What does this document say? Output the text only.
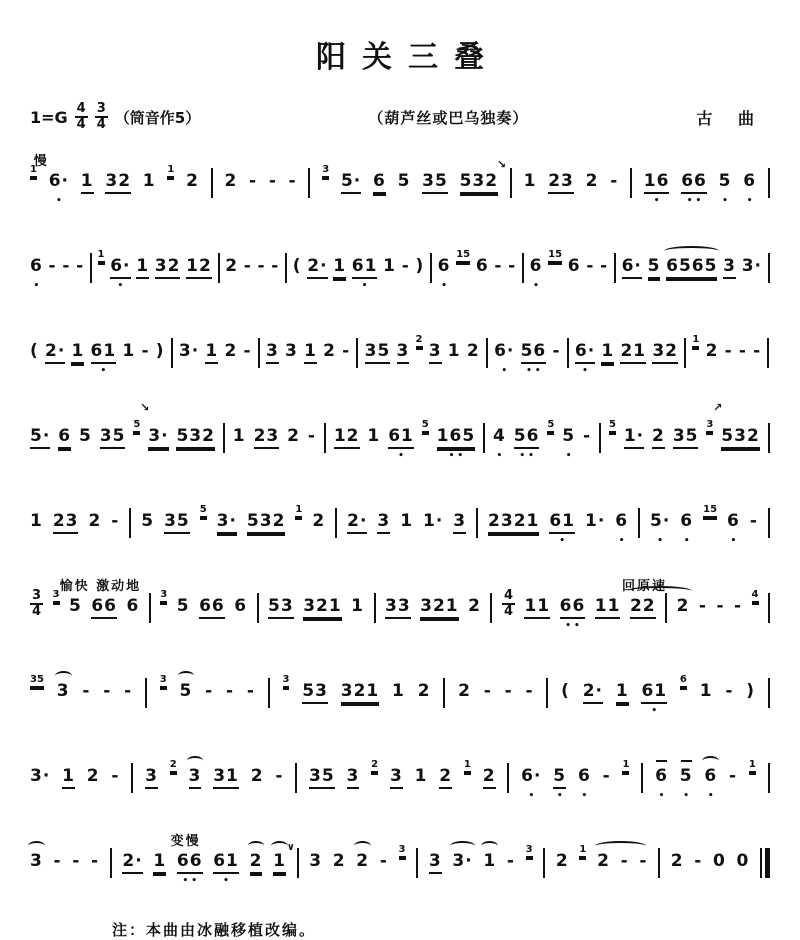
阳关三叠
$1=G \frac{4}{4} \frac{3}{4}$ （筒音作5）	（葫芦丝或巴乌独奏）	古 曲
慢
1
6·
•
1 32 1
1
2 2 - - -
3
5· 6 5 35 532
↘
1 23 2 - 16
•
66
••
5
•
6
•
6
•
- - -
1
6·
•
1 32 12 2 - - - ( 2· 1 61
•
1 - ) 6
•
15
6 - - 6
•
15
6 - - 6· 5 6565 3 3·
( 2· 1 61
•
1 - ) 3· 1 2 - 3 3 1 2 - 35 3
2
3 1 2 6·
•
56
••
- 6·
•
1 21 32
1
2 - - -
5· 6 5 35
5
↘
3· 532 1 23 2 - 12 1 61
•
5
165
••
4
•
56
••
5
5
•
-
5
1· 2 35
3
↗
532
1 23 2 - 5 35
5
3· 532
1
2 2· 3 1 1· 3 2321 61
•
1· 6
•
5·
•
6
•
15
6
•
-
愉快 激动地	回原速
$\frac{3}{4} 3$
5 66 6
3
5 66 6 53 321 1 33 321 $2 \frac{4}{4} 11$ 66
••
11 22 2 - - -
4
35
3 - - -
3
5 - - -
3
53 321 1 2 2 - - - ( 2· 1 61
•
6
1 - )
3· 1 2 - 3
2
3 31 2 - 35 3
2
3 1 2
1
2 6·
•
5
•
6
•
-
1
6
•
5
•
6
•
-
1
变慢
3 - - - 2· 1 66
••
61
•
2 1
∨
3 2 2 -
3
3 3· 1 -
3
2
1
2 - - 2 - 0 0
注：本曲由冰融移植改编。
